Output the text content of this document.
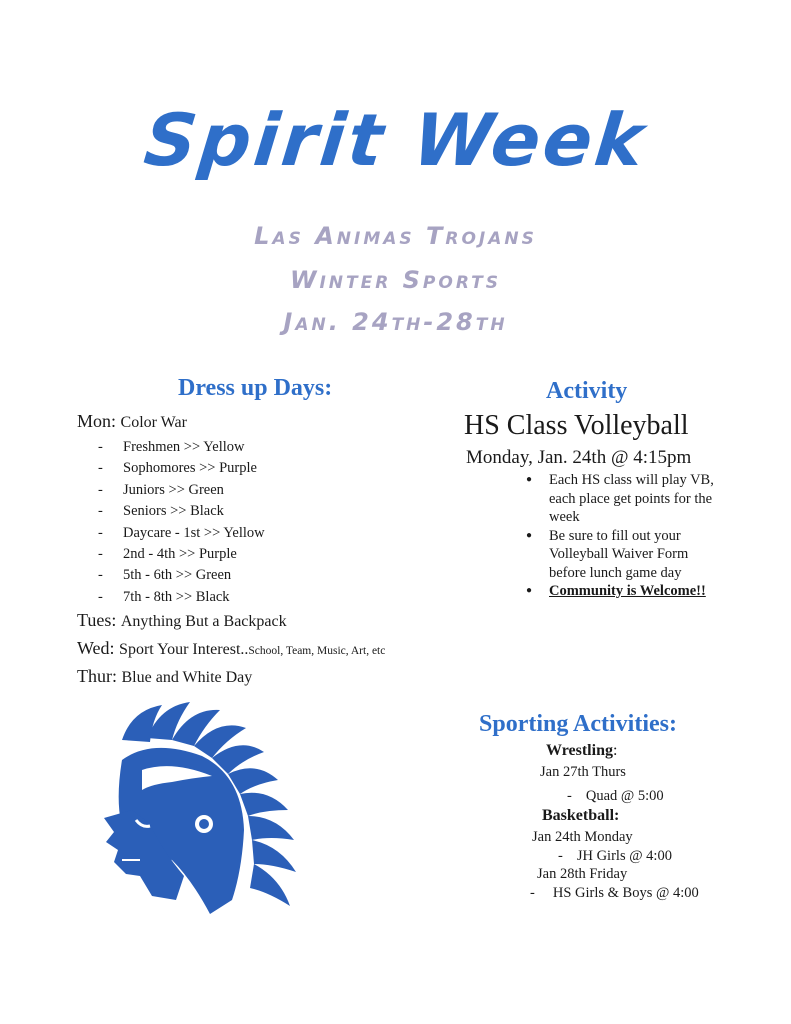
Spirit Week
Las Animas Trojans
Winter Sports
Jan. 24th-28th
Dress up Days:
Mon: Color War
- Freshmen >> Yellow
- Sophomores >> Purple
- Juniors >> Green
- Seniors >> Black
- Daycare - 1st >> Yellow
- 2nd - 4th >> Purple
- 5th - 6th >> Green
- 7th - 8th >> Black
Tues: Anything But a Backpack
Wed: Sport Your Interest..School, Team, Music, Art, etc
Thur: Blue and White Day
Activity
HS Class Volleyball
Monday, Jan. 24th @ 4:15pm
●	Each HS class will play VB, each place get points for the week
●	Be sure to fill out your Volleyball Waiver Form before lunch game day
●	Community is Welcome!!
Sporting Activities:
Wrestling:
Jan 27th Thurs
- Quad @ 5:00
Basketball:
Jan 24th Monday
- JH Girls @ 4:00
Jan 28th Friday
- HS Girls & Boys @ 4:00
